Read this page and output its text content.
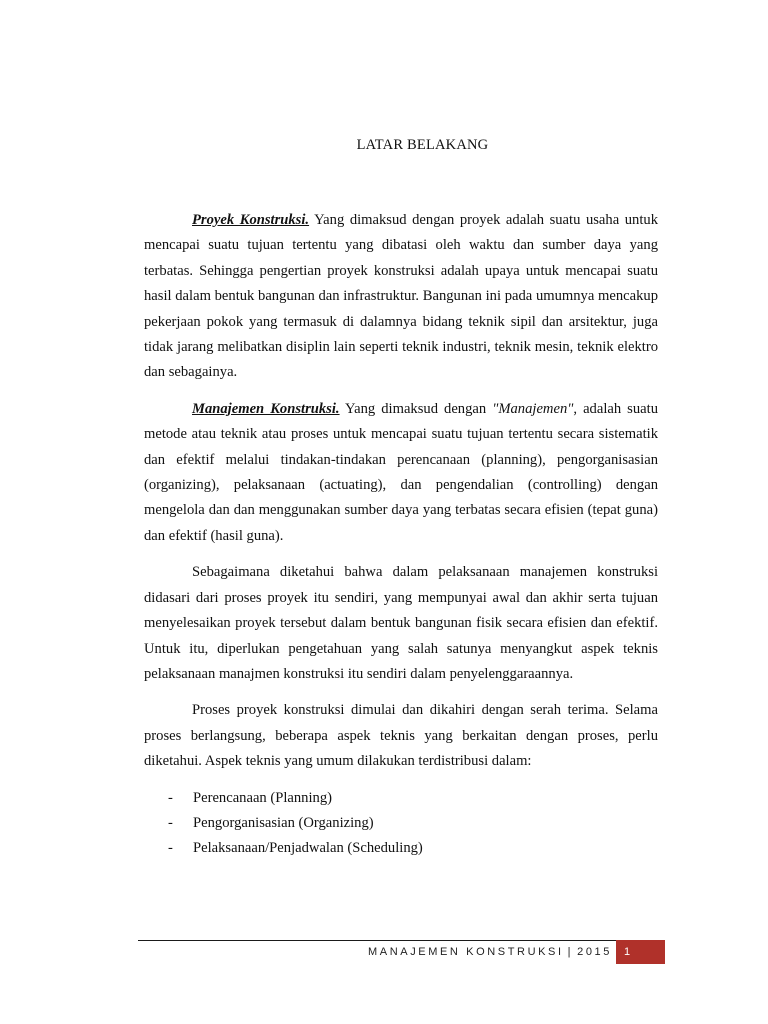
LATAR BELAKANG

Proyek Konstruksi. Yang dimaksud dengan proyek adalah suatu usaha untuk mencapai suatu tujuan tertentu yang dibatasi oleh waktu dan sumber daya yang terbatas. Sehingga pengertian proyek konstruksi adalah upaya untuk mencapai suatu hasil dalam bentuk bangunan dan infrastruktur. Bangunan ini pada umumnya mencakup pekerjaan pokok yang termasuk di dalamnya bidang teknik sipil dan arsitektur, juga tidak jarang melibatkan disiplin lain seperti teknik industri, teknik mesin, teknik elektro dan sebagainya.

Manajemen Konstruksi. Yang dimaksud dengan "Manajemen", adalah suatu metode atau teknik atau proses untuk mencapai suatu tujuan tertentu secara sistematik dan efektif melalui tindakan-tindakan perencanaan (planning), pengorganisasian (organizing), pelaksanaan (actuating), dan pengendalian (controlling) dengan mengelola dan dan menggunakan sumber daya yang terbatas secara efisien (tepat guna) dan efektif (hasil guna).

Sebagaimana diketahui bahwa dalam pelaksanaan manajemen konstruksi didasari dari proses proyek itu sendiri, yang mempunyai awal dan akhir serta tujuan menyelesaikan proyek tersebut dalam bentuk bangunan fisik secara efisien dan efektif. Untuk itu, diperlukan pengetahuan yang salah satunya menyangkut aspek teknis pelaksanaan manajmen konstruksi itu sendiri dalam penyelenggaraannya.

Proses proyek konstruksi dimulai dan dikahiri dengan serah terima. Selama proses berlangsung, beberapa aspek teknis yang berkaitan dengan proses, perlu diketahui. Aspek teknis yang umum dilakukan terdistribusi dalam:

- Perencanaan (Planning)
- Pengorganisasian (Organizing)
- Pelaksanaan/Penjadwalan (Scheduling)
MANAJEMEN KONSTRUKSI | 2015	1
